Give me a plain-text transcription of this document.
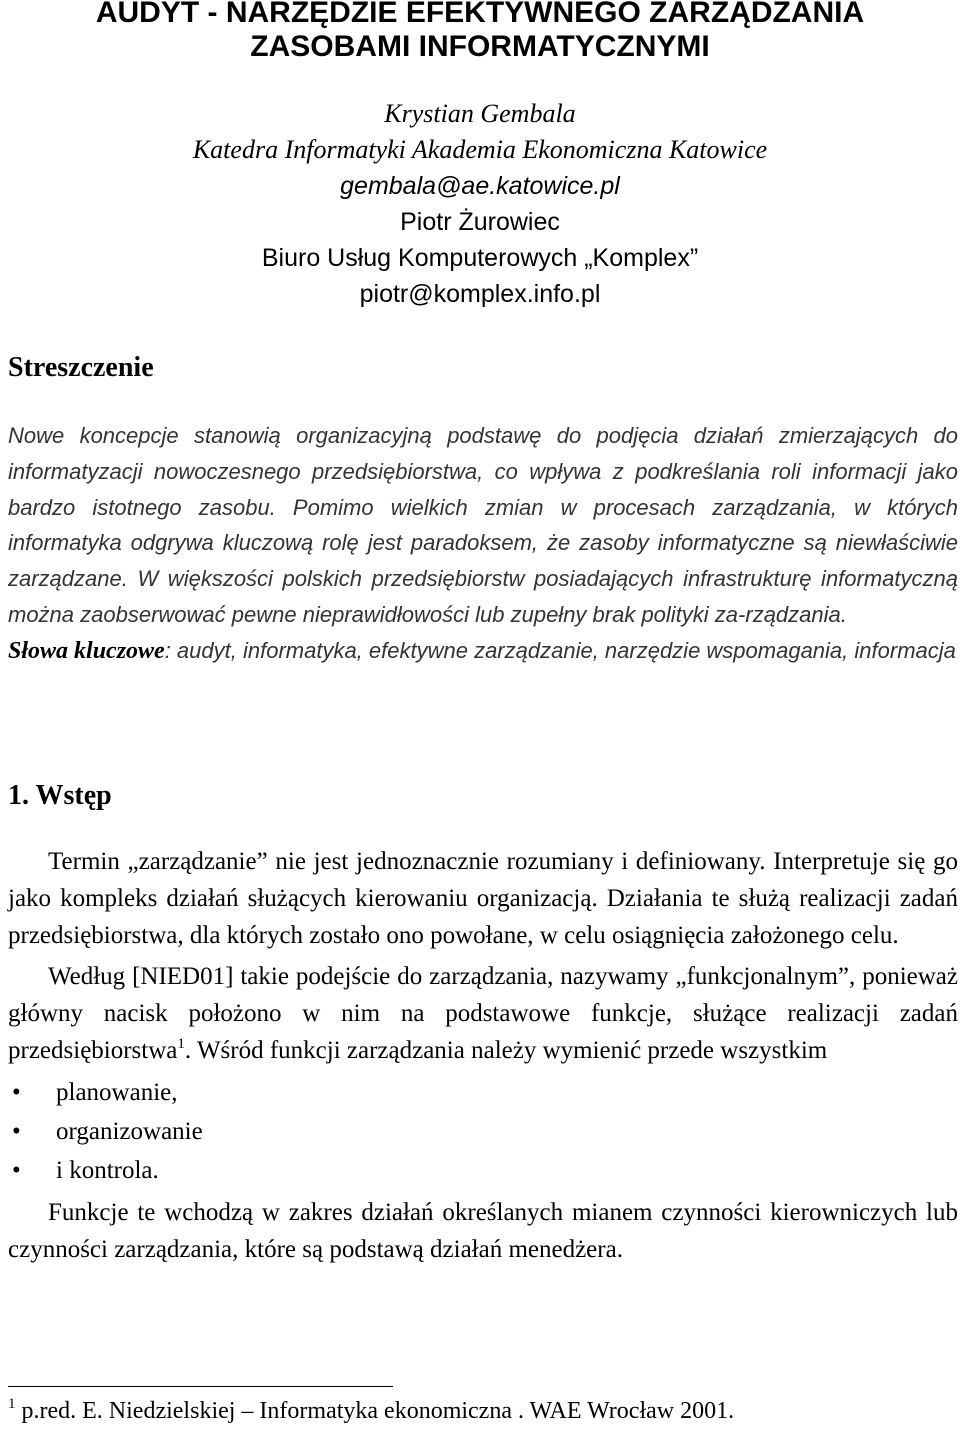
AUDYT - NARZĘDZIE EFEKTYWNEGO ZARZĄDZANIA
ZASOBAMI INFORMATYCZNYMI
Krystian Gembala
Katedra Informatyki Akademia Ekonomiczna Katowice
gembala@ae.katowice.pl
Piotr Żurowiec
Biuro Usług Komputerowych „Komplex”
piotr@komplex.info.pl
Streszczenie

Nowe koncepcje stanowią organizacyjną podstawę do podjęcia działań zmierzających do informatyzacji nowoczesnego przedsiębiorstwa, co wpływa z podkreślania roli informacji jako bardzo istotnego zasobu. Pomimo wielkich zmian w procesach zarządzania, w których informatyka odgrywa kluczową rolę jest paradoksem, że zasoby informatyczne są niewłaściwie zarządzane. W większości polskich przedsiębiorstw posiadających infrastrukturę informatyczną można zaobserwować pewne nieprawidłowości lub zupełny brak polityki za-rządzania.

Słowa kluczowe: audyt, informatyka, efektywne zarządzanie, narzędzie wspomagania, informacja

1. Wstęp

Termin „zarządzanie” nie jest jednoznacznie rozumiany i definiowany. Interpretuje się go jako kompleks działań służących kierowaniu organizacją. Działania te służą realizacji zadań przedsiębiorstwa, dla których zostało ono powołane, w celu osiągnięcia założonego celu.

Według [NIED01] takie podejście do zarządzania, nazywamy „funkcjonalnym”, ponieważ główny nacisk położono w nim na podstawowe funkcje, służące realizacji zadań przedsiębiorstwa$^1$. Wśród funkcji zarządzania należy wymienić przede wszystkim

• planowanie,
• organizowanie
• i kontrola.

Funkcje te wchodzą w zakres działań określanych mianem czynności kierowniczych lub czynności zarządzania, które są podstawą działań menedżera.

$^1$ p.red. E. Niedzielskiej – Informatyka ekonomiczna . WAE Wrocław 2001.
